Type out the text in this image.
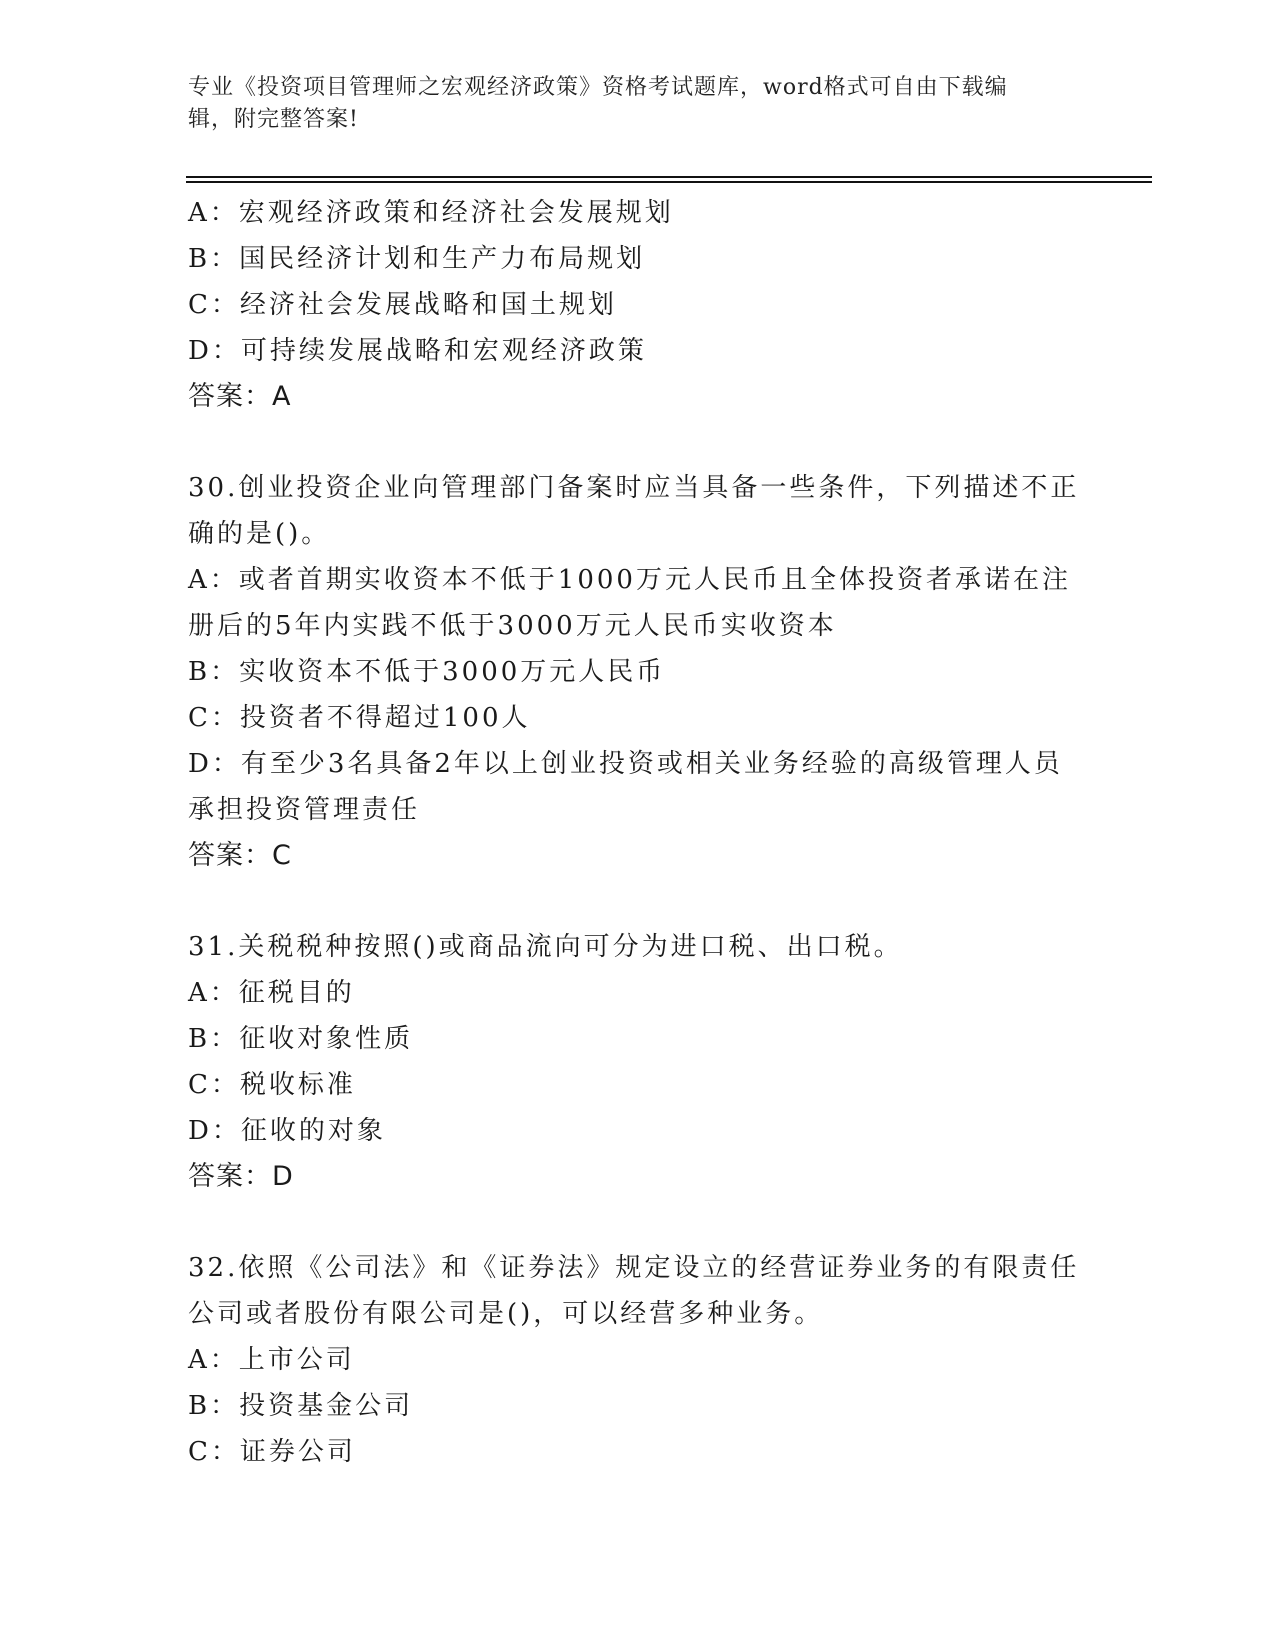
专业《投资项目管理师之宏观经济政策》资格考试题库，word格式可自由下载编
辑，附完整答案!
A：宏观经济政策和经济社会发展规划
B：国民经济计划和生产力布局规划
C：经济社会发展战略和国土规划
D：可持续发展战略和宏观经济政策
答案：A
30.创业投资企业向管理部门备案时应当具备一些条件，下列描述不正
确的是()。
A：或者首期实收资本不低于1000万元人民币且全体投资者承诺在注
册后的5年内实践不低于3000万元人民币实收资本
B：实收资本不低于3000万元人民币
C：投资者不得超过100人
D：有至少3名具备2年以上创业投资或相关业务经验的高级管理人员
承担投资管理责任
答案：C
31.关税税种按照()或商品流向可分为进口税、出口税。
A：征税目的
B：征收对象性质
C：税收标准
D：征收的对象
答案：D
32.依照《公司法》和《证券法》规定设立的经营证券业务的有限责任
公司或者股份有限公司是()，可以经营多种业务。
A：上市公司
B：投资基金公司
C：证券公司
